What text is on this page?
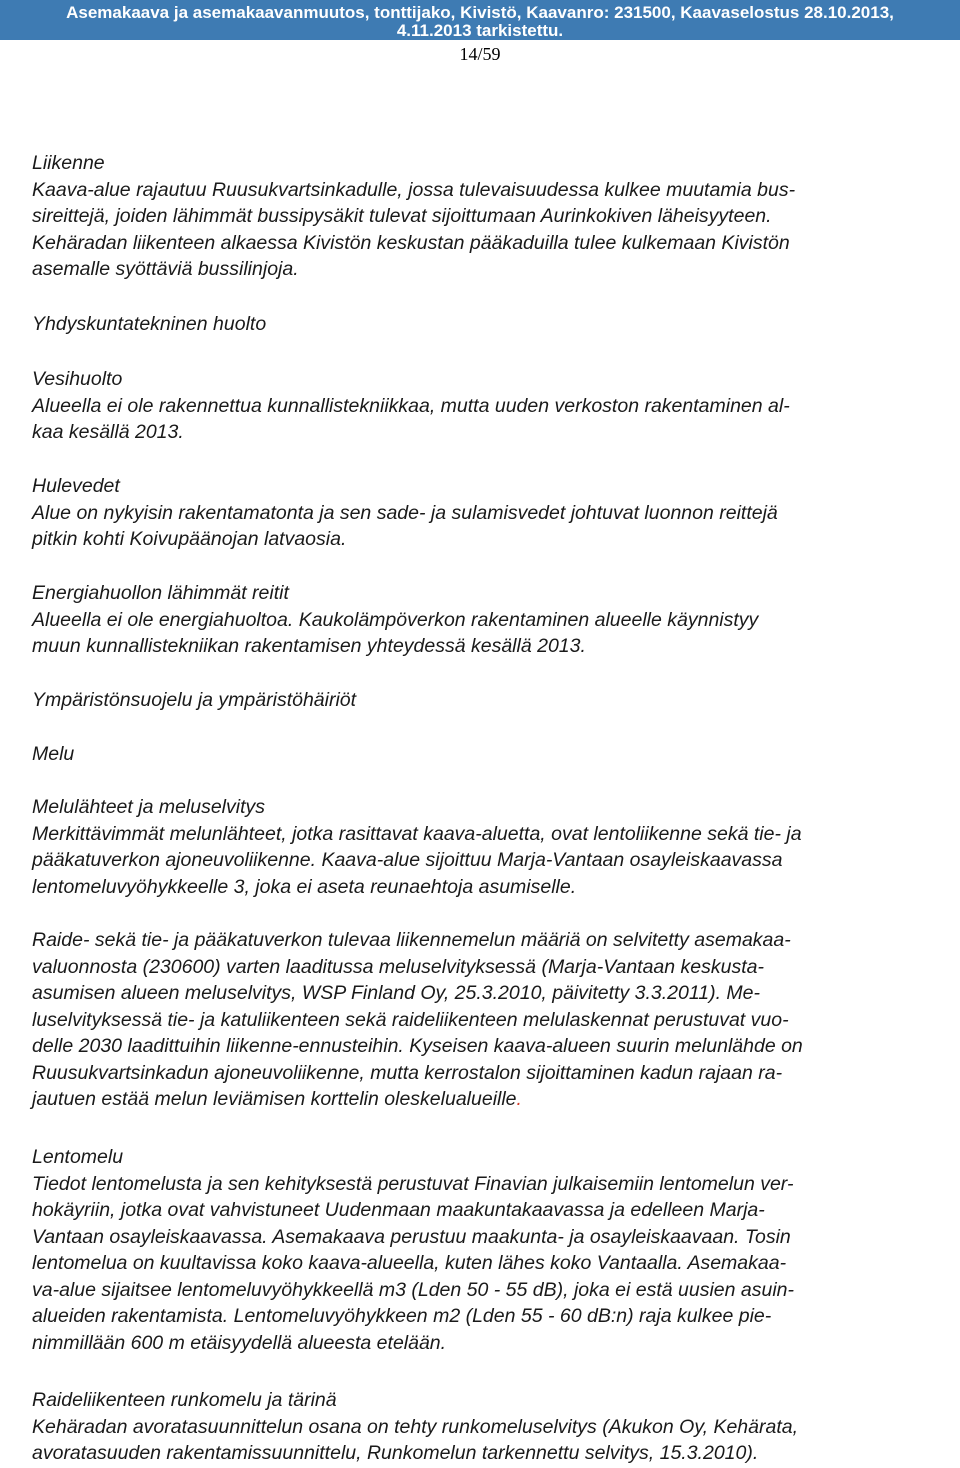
Asemakaava ja asemakaavanmuutos, tonttijako, Kivistö, Kaavanro: 231500, Kaavaselostus 28.10.2013,
4.11.2013 tarkistettu.
14/59

Liikenne

Kaava-alue rajautuu Ruusukvartsinkadulle, jossa tulevaisuudessa kulkee muutamia bus-

sireittejä, joiden lähimmät bussipysäkit tulevat sijoittumaan Aurinkokiven läheisyyteen.

Kehäradan liikenteen alkaessa Kivistön keskustan pääkaduilla tulee kulkemaan Kivistön

asemalle syöttäviä bussilinjoja.

Yhdyskuntatekninen huolto

Vesihuolto

Alueella ei ole rakennettua kunnallistekniikkaa, mutta uuden verkoston rakentaminen al-

kaa kesällä 2013.

Hulevedet

Alue on nykyisin rakentamatonta ja sen sade- ja sulamisvedet johtuvat luonnon reittejä

pitkin kohti Koivupäänojan latvaosia.

Energiahuollon lähimmät reitit

Alueella ei ole energiahuoltoa. Kaukolämpöverkon rakentaminen alueelle käynnistyy

muun kunnallistekniikan rakentamisen yhteydessä kesällä 2013.

Ympäristönsuojelu ja ympäristöhäiriöt

Melu

Melulähteet ja meluselvitys

Merkittävimmät melunlähteet, jotka rasittavat kaava-aluetta, ovat lentoliikenne sekä tie- ja

pääkatuverkon ajoneuvoliikenne. Kaava-alue sijoittuu Marja-Vantaan osayleiskaavassa

lentomeluvyöhykkeelle 3, joka ei aseta reunaehtoja asumiselle.

Raide- sekä tie- ja pääkatuverkon tulevaa liikennemelun määriä on selvitetty asemakaa-

valuonnosta (230600) varten laaditussa meluselvityksessä (Marja-Vantaan keskusta-

asumisen alueen meluselvitys, WSP Finland Oy, 25.3.2010, päivitetty 3.3.2011). Me-

luselvityksessä tie- ja katuliikenteen sekä raideliikenteen melulaskennat perustuvat vuo-

delle 2030 laadittuihin liikenne-ennusteihin. Kyseisen kaava-alueen suurin melunlähde on

Ruusukvartsinkadun ajoneuvoliikenne, mutta kerrostalon sijoittaminen kadun rajaan ra-

jautuen estää melun leviämisen korttelin oleskelualueille.

Lentomelu

Tiedot lentomelusta ja sen kehityksestä perustuvat Finavian julkaisemiin lentomelun ver-

hokäyriin, jotka ovat vahvistuneet Uudenmaan maakuntakaavassa ja edelleen Marja-

Vantaan osayleiskaavassa. Asemakaava perustuu maakunta- ja osayleiskaavaan. Tosin

lentomelua on kuultavissa koko kaava-alueella, kuten lähes koko Vantaalla. Asemakaa-

va-alue sijaitsee lentomeluvyöhykkeellä m3 (Lden 50 - 55 dB), joka ei estä uusien asuin-

alueiden rakentamista. Lentomeluvyöhykkeen m2 (Lden 55 - 60 dB:n) raja kulkee pie-

nimmillään 600 m etäisyydellä alueesta etelään.

Raideliikenteen runkomelu ja tärinä

Kehäradan avoratasuunnittelun osana on tehty runkomeluselvitys (Akukon Oy, Kehärata,

avoratasuuden rakentamissuunnittelu, Runkomelun tarkennettu selvitys, 15.3.2010).
